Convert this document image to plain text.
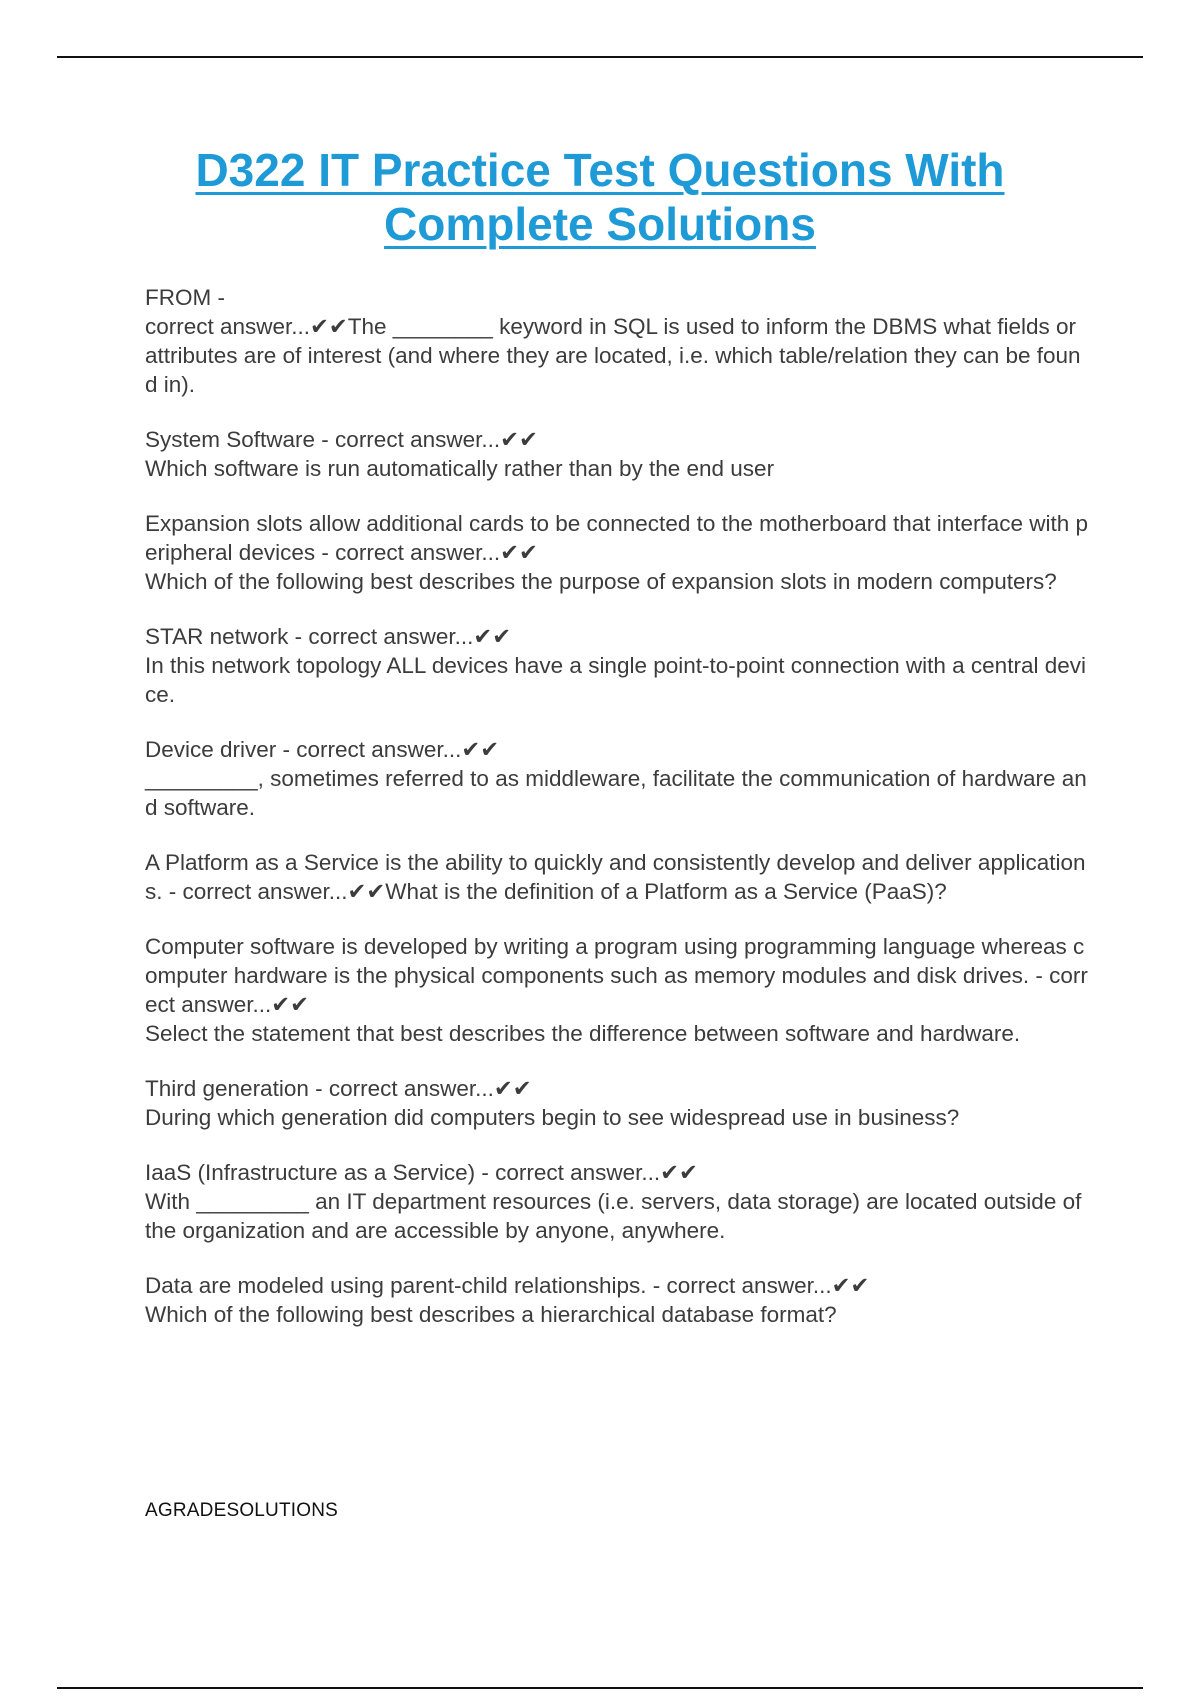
D322 IT Practice Test Questions With
Complete Solutions

FROM -

correct answer...✔✔The ________ keyword in SQL is used to inform the DBMS what fields or attributes are of interest (and where they are located, i.e. which table/relation they can be found in).

System Software - correct answer...✔✔

Which software is run automatically rather than by the end user

Expansion slots allow additional cards to be connected to the motherboard that interface with peripheral devices - correct answer...✔✔

Which of the following best describes the purpose of expansion slots in modern computers?

STAR network - correct answer...✔✔

In this network topology ALL devices have a single point-to-point connection with a central device.

Device driver - correct answer...✔✔

_________, sometimes referred to as middleware, facilitate the communication of hardware and software.

A Platform as a Service is the ability to quickly and consistently develop and deliver applications. - correct answer...✔✔What is the definition of a Platform as a Service (PaaS)?

Computer software is developed by writing a program using programming language whereas computer hardware is the physical components such as memory modules and disk drives. - correct answer...✔✔

Select the statement that best describes the difference between software and hardware.

Third generation - correct answer...✔✔

During which generation did computers begin to see widespread use in business?

IaaS (Infrastructure as a Service) - correct answer...✔✔

With _________ an IT department resources (i.e. servers, data storage) are located outside of the organization and are accessible by anyone, anywhere.

Data are modeled using parent-child relationships. - correct answer...✔✔

Which of the following best describes a hierarchical database format?

AGRADESOLUTIONS
